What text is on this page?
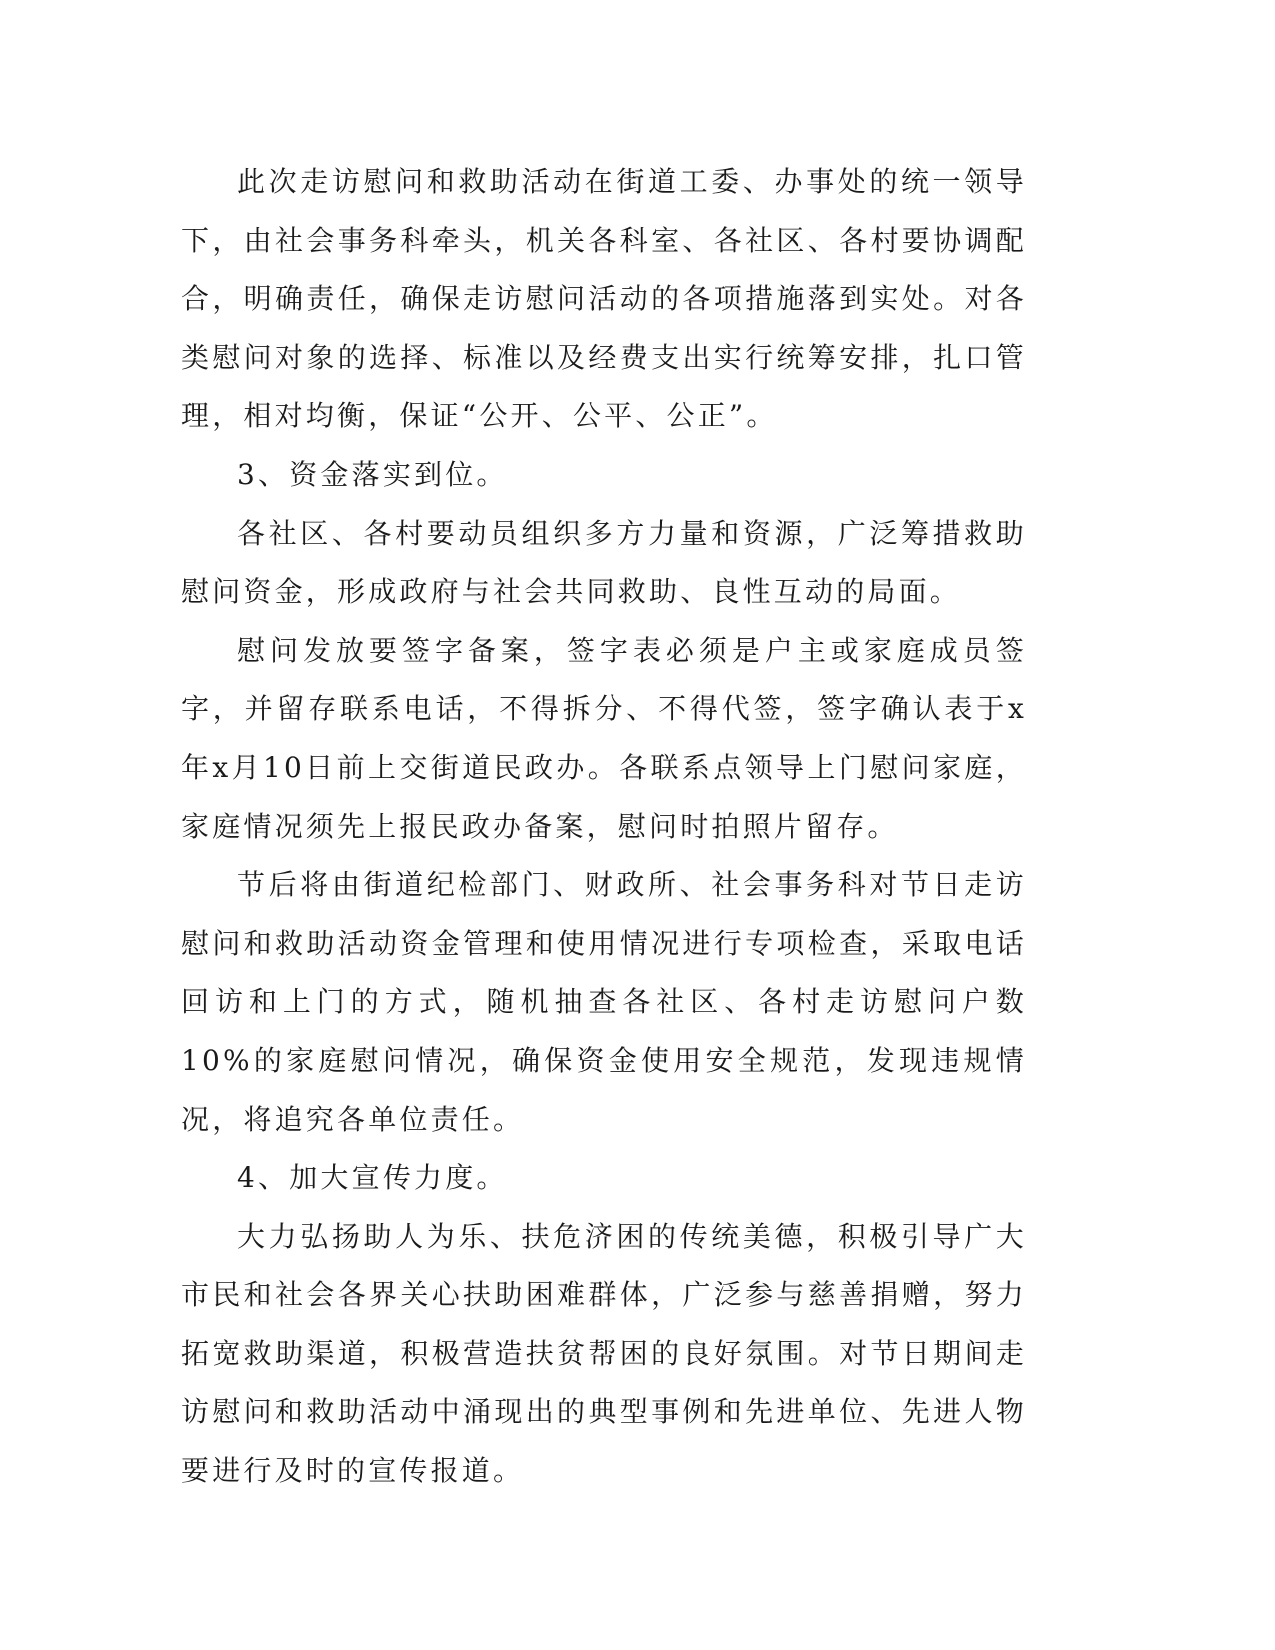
此次走访慰问和救助活动在街道工委、办事处的统一领导下，由社会事务科牵头，机关各科室、各社区、各村要协调配合，明确责任，确保走访慰问活动的各项措施落到实处。对各类慰问对象的选择、标准以及经费支出实行统筹安排，扎口管理，相对均衡，保证“公开、公平、公正”。

3、资金落实到位。

各社区、各村要动员组织多方力量和资源，广泛筹措救助慰问资金，形成政府与社会共同救助、良性互动的局面。

慰问发放要签字备案，签字表必须是户主或家庭成员签字，并留存联系电话，不得拆分、不得代签，签字确认表于x年x月10日前上交街道民政办。各联系点领导上门慰问家庭，家庭情况须先上报民政办备案，慰问时拍照片留存。

节后将由街道纪检部门、财政所、社会事务科对节日走访慰问和救助活动资金管理和使用情况进行专项检查，采取电话回访和上门的方式，随机抽查各社区、各村走访慰问户数10%的家庭慰问情况，确保资金使用安全规范，发现违规情况，将追究各单位责任。

4、加大宣传力度。

大力弘扬助人为乐、扶危济困的传统美德，积极引导广大市民和社会各界关心扶助困难群体，广泛参与慈善捐赠，努力拓宽救助渠道，积极营造扶贫帮困的良好氛围。对节日期间走访慰问和救助活动中涌现出的典型事例和先进单位、先进人物要进行及时的宣传报道。
